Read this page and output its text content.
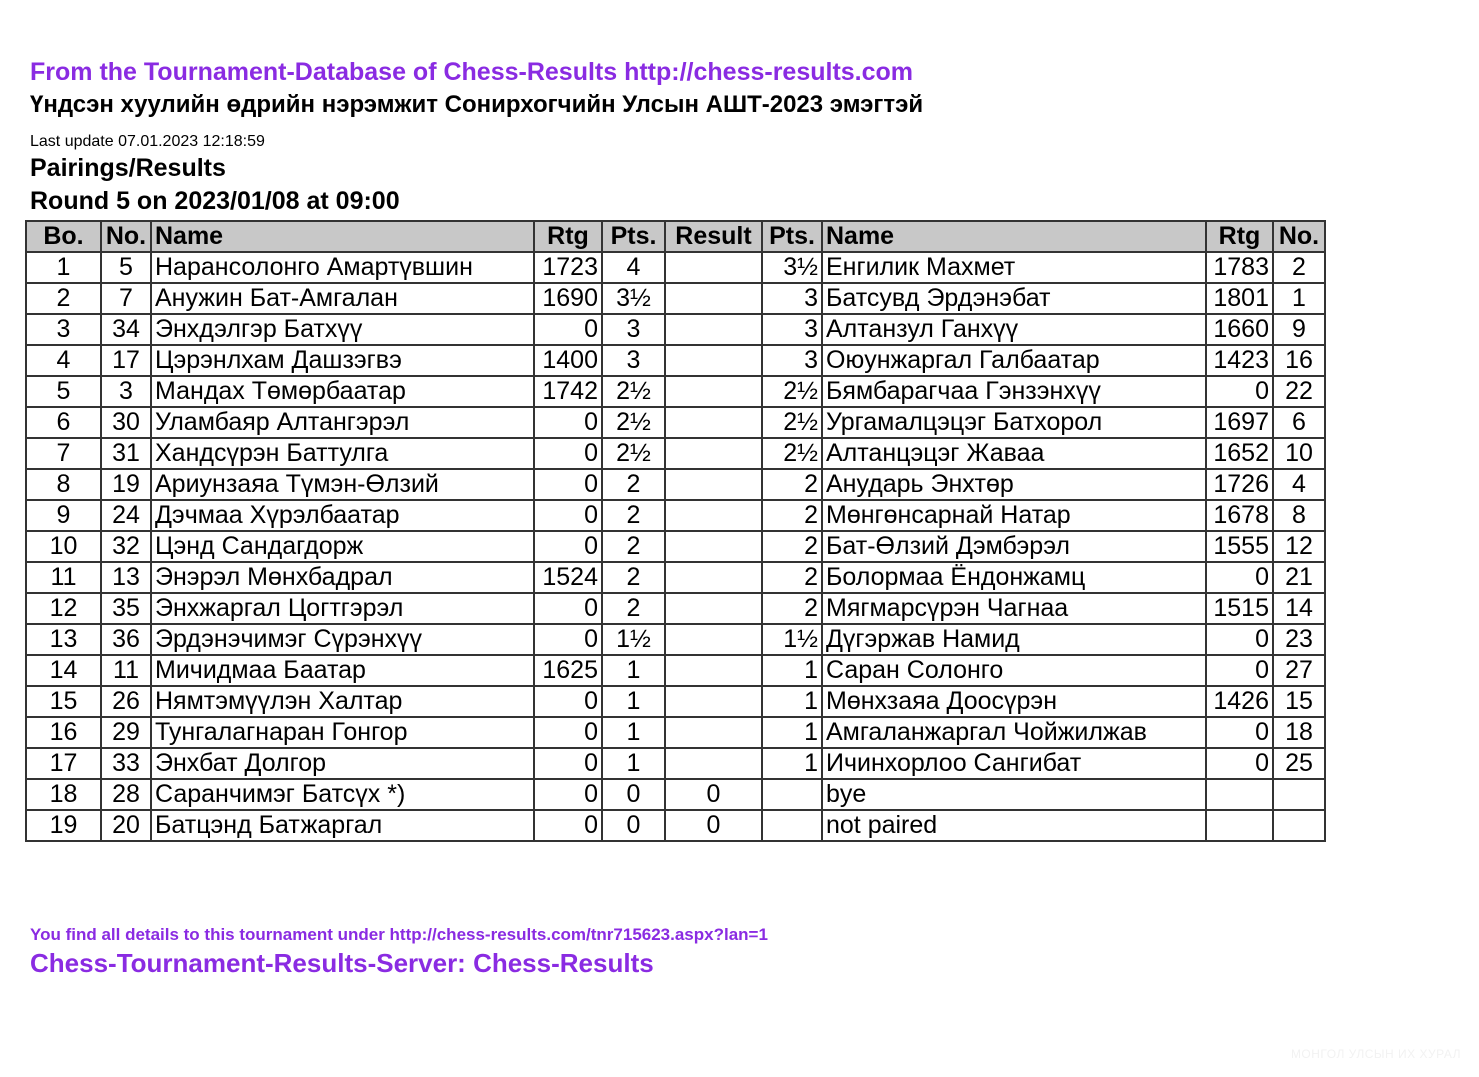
From the Tournament-Database of Chess-Results http://chess-results.com
Үндсэн хуулийн өдрийн нэрэмжит Сонирхогчийн Улсын АШТ-2023 эмэгтэй
Last update 07.01.2023 12:18:59
Pairings/Results
Round 5 on 2023/01/08 at 09:00
Bo.	No.	Name	Rtg	Pts.	Result	Pts.	Name	Rtg	No.
1	5	Нарансолонго Амартүвшин	1723	4		3½	Енгилик Махмет	1783	2
2	7	Анужин Бат-Амгалан	1690	3½		3	Батсувд Эрдэнэбат	1801	1
3	34	Энхдэлгэр Батхүү	0	3		3	Алтанзул Ганхүү	1660	9
4	17	Цэрэнлхам Дашзэгвэ	1400	3		3	Оюунжаргал Галбаатар	1423	16
5	3	Мандах Төмөрбаатар	1742	2½		2½	Бямбарагчаа Гэнзэнхүү	0	22
6	30	Уламбаяр Алтангэрэл	0	2½		2½	Ургамалцэцэг Батхорол	1697	6
7	31	Хандсүрэн Баттулга	0	2½		2½	Алтанцэцэг Жаваа	1652	10
8	19	Ариунзаяа Түмэн-Өлзий	0	2		2	Анударь Энхтөр	1726	4
9	24	Дэчмаа Хүрэлбаатар	0	2		2	Мөнгөнсарнай Натар	1678	8
10	32	Цэнд Сандагдорж	0	2		2	Бат-Өлзий Дэмбэрэл	1555	12
11	13	Энэрэл Мөнхбадрал	1524	2		2	Болормаа Ёндонжамц	0	21
12	35	Энхжаргал Цогтгэрэл	0	2		2	Мягмарсүрэн Чагнаа	1515	14
13	36	Эрдэнэчимэг Сүрэнхүү	0	1½		1½	Дүгэржав Намид	0	23
14	11	Мичидмаа Баатар	1625	1		1	Саран Солонго	0	27
15	26	Нямтэмүүлэн Халтар	0	1		1	Мөнхзаяа Доосүрэн	1426	15
16	29	Тунгалагнаран Гонгор	0	1		1	Амгаланжаргал Чойжилжав	0	18
17	33	Энхбат Долгор	0	1		1	Ичинхорлоо Сангибат	0	25
18	28	Саранчимэг Батсүх *)	0	0	0		bye		
19	20	Батцэнд Батжаргал	0	0	0		not paired		
You find all details to this tournament under http://chess-results.com/tnr715623.aspx?lan=1
Chess-Tournament-Results-Server: Chess-Results
МОНГОЛ УЛСЫН ИХ ХУРАЛ
